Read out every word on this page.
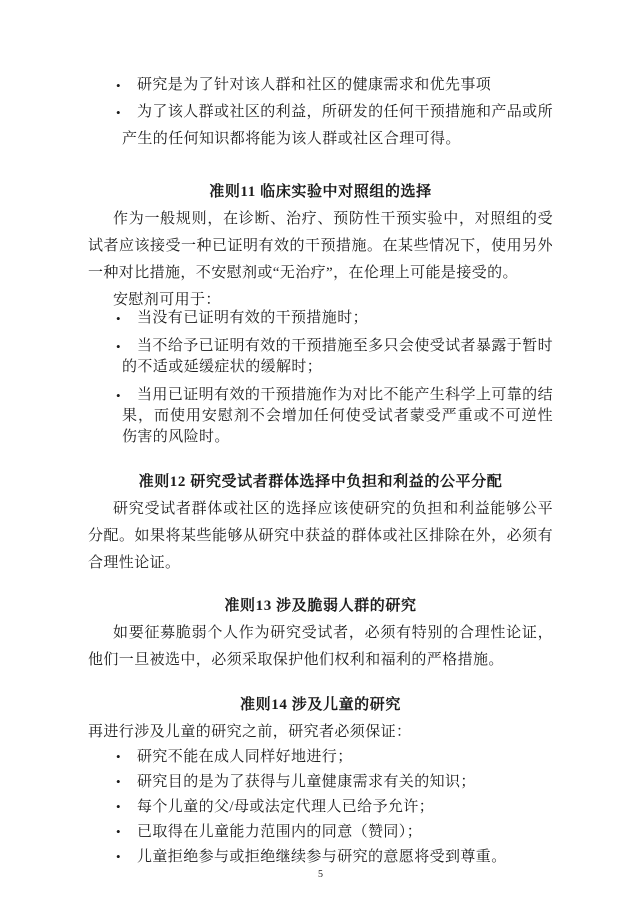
• 研究是为了针对该人群和社区的健康需求和优先事项
• 为了该人群或社区的利益，所研发的任何干预措施和产品或所产生的任何知识都将能为该人群或社区合理可得。
准则11 临床实验中对照组的选择

作为一般规则，在诊断、治疗、预防性干预实验中，对照组的受试者应该接受一种已证明有效的干预措施。在某些情况下，使用另外一种对比措施，不安慰剂或“无治疗”，在伦理上可能是接受的。

安慰剂可用于：

• 当没有已证明有效的干预措施时；
• 当不给予已证明有效的干预措施至多只会使受试者暴露于暂时的不适或延缓症状的缓解时；
• 当用已证明有效的干预措施作为对比不能产生科学上可靠的结果，而使用安慰剂不会增加任何使受试者蒙受严重或不可逆性伤害的风险时。
准则12 研究受试者群体选择中负担和利益的公平分配

研究受试者群体或社区的选择应该使研究的负担和利益能够公平分配。如果将某些能够从研究中获益的群体或社区排除在外，必须有合理性论证。

准则13 涉及脆弱人群的研究

如要征募脆弱个人作为研究受试者，必须有特别的合理性论证，他们一旦被选中，必须采取保护他们权利和福利的严格措施。

准则14 涉及儿童的研究

再进行涉及儿童的研究之前，研究者必须保证：

• 研究不能在成人同样好地进行；
• 研究目的是为了获得与儿童健康需求有关的知识；
• 每个儿童的父/母或法定代理人已给予允许；
• 已取得在儿童能力范围内的同意（赞同）；
• 儿童拒绝参与或拒绝继续参与研究的意愿将受到尊重。
5
